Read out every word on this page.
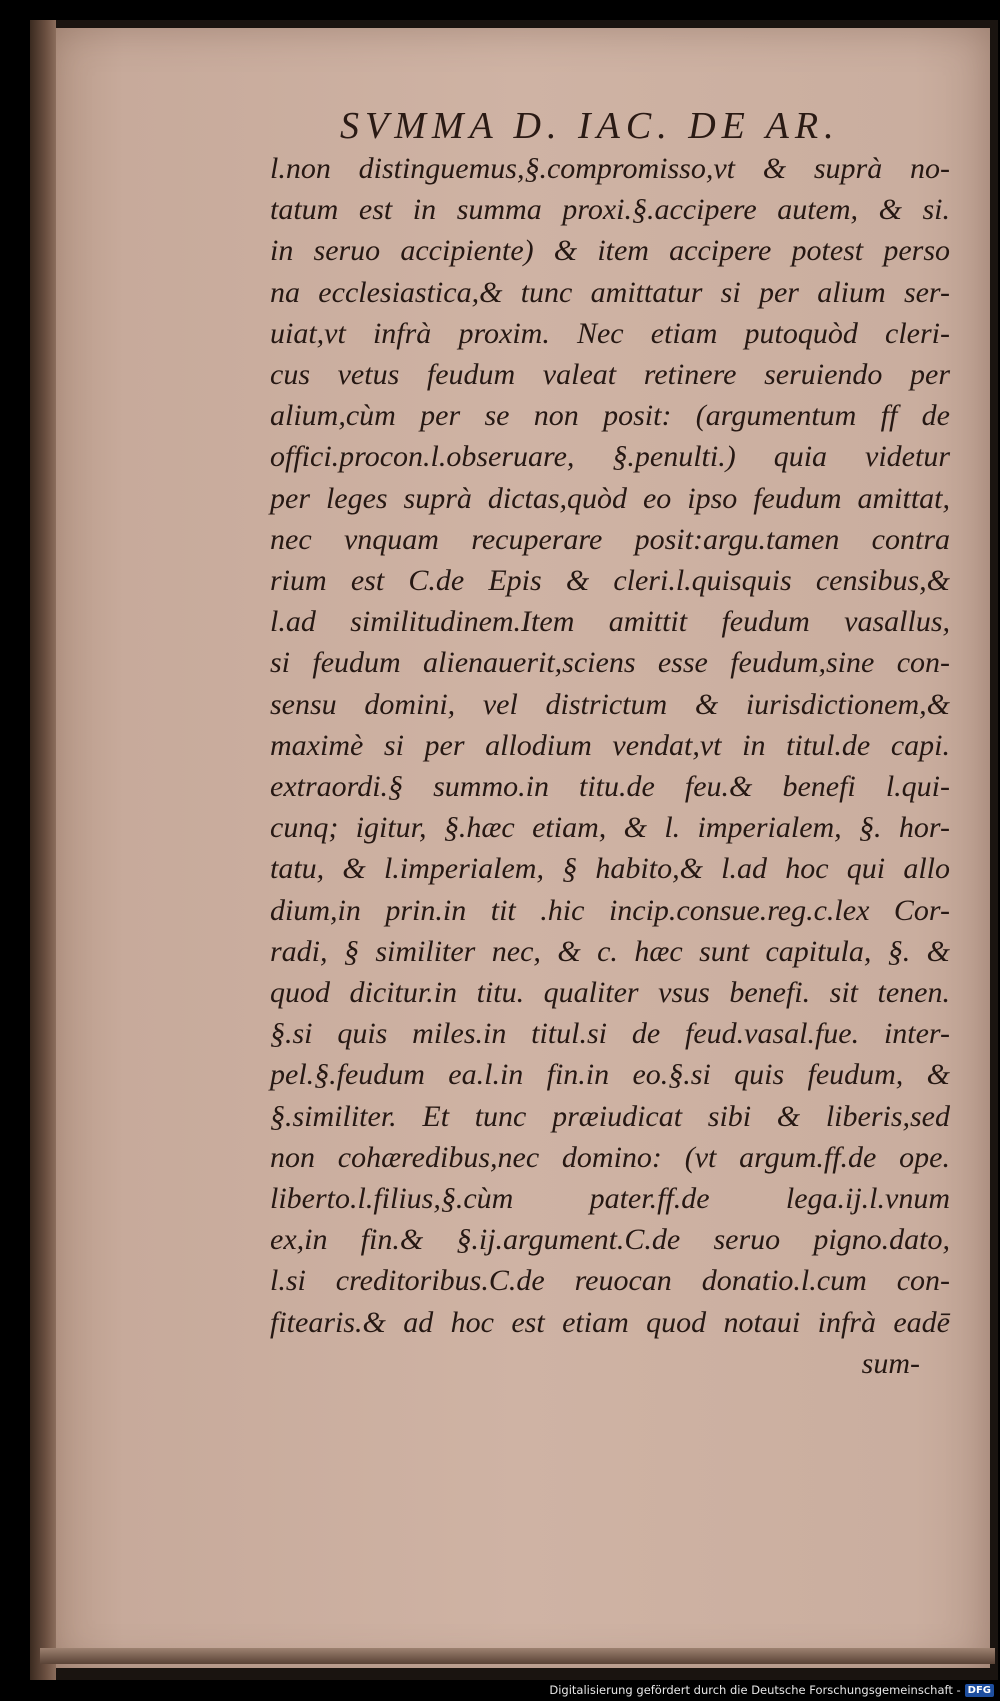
SVMMA D. IAC. DE AR.
l.non distinguemus,§.compromisso,vt & suprà no-
tatum est in summa proxi.§.accipere autem, & si.
in seruo accipiente) & item accipere potest perso
na ecclesiastica,& tunc amittatur si per alium ser-
uiat,vt infrà proxim. Nec etiam putoquòd cleri-
cus vetus feudum valeat retinere seruiendo per
alium,cùm per se non posit: (argumentum ff de
offici.procon.l.obseruare, §.penulti.) quia videtur
per leges suprà dictas,quòd eo ipso feudum amittat,
nec vnquam recuperare posit:argu.tamen contra
rium est C.de Epis & cleri.l.quisquis censibus,&
l.ad similitudinem.Item amittit feudum vasallus,
si feudum alienauerit,sciens esse feudum,sine con-
sensu domini, vel districtum & iurisdictionem,&
maximè si per allodium vendat,vt in titul.de capi.
extraordi.§ summo.in titu.de feu.& benefi l.qui-
cunq; igitur, §.hæc etiam, & l. imperialem, §. hor-
tatu, & l.imperialem, § habito,& l.ad hoc qui allo
dium,in prin.in tit .hic incip.consue.reg.c.lex Cor-
radi, § similiter nec, & c. hæc sunt capitula, §. &
quod dicitur.in titu. qualiter vsus benefi. sit tenen.
§.si quis miles.in titul.si de feud.vasal.fue. inter-
pel.§.feudum ea.l.in fin.in eo.§.si quis feudum, &
§.similiter. Et tunc præiudicat sibi & liberis,sed
non cohæredibus,nec domino: (vt argum.ff.de ope.
liberto.l.filius,§.cùm pater.ff.de lega.ij.l.vnum
ex,in fin.& §.ij.argument.C.de seruo pigno.dato,
l.si creditoribus.C.de reuocan donatio.l.cum con-
fitearis.& ad hoc est etiam quod notaui infrà eadē
sum-
Digitalisierung gefördert durch die Deutsche Forschungsgemeinschaft - DFG
